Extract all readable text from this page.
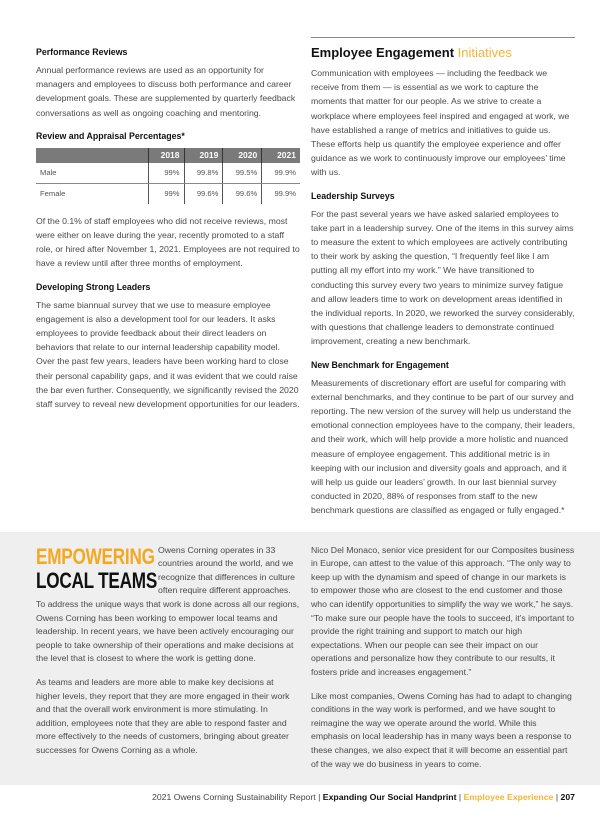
Performance Reviews

Annual performance reviews are used as an opportunity for managers and employees to discuss both performance and career development goals. These are supplemented by quarterly feedback conversations as well as ongoing coaching and mentoring.

Review and Appraisal Percentages*
	2018	2019	2020	2021
Male	99%	99.8%	99.5%	99.9%
Female	99%	99.6%	99.6%	99.9%

Of the 0.1% of staff employees who did not receive reviews, most were either on leave during the year, recently promoted to a staff role, or hired after November 1, 2021. Employees are not required to have a review until after three months of employment.

Developing Strong Leaders

The same biannual survey that we use to measure employee engagement is also a development tool for our leaders. It asks employees to provide feedback about their direct leaders on behaviors that relate to our internal leadership capability model. Over the past few years, leaders have been working hard to close their personal capability gaps, and it was evident that we could raise the bar even further. Consequently, we significantly revised the 2020 staff survey to reveal new development opportunities for our leaders.

Employee Engagement Initiatives

Communication with employees — including the feedback we receive from them — is essential as we work to capture the moments that matter for our people. As we strive to create a workplace where employees feel inspired and engaged at work, we have established a range of metrics and initiatives to guide us. These efforts help us quantify the employee experience and offer guidance as we work to continuously improve our employees’ time with us.

Leadership Surveys

For the past several years we have asked salaried employees to take part in a leadership survey. One of the items in this survey aims to measure the extent to which employees are actively contributing to their work by asking the question, “I frequently feel like I am putting all my effort into my work.” We have transitioned to conducting this survey every two years to minimize survey fatigue and allow leaders time to work on development areas identified in the individual reports. In 2020, we reworked the survey considerably, with questions that challenge leaders to demonstrate continued improvement, creating a new benchmark.

New Benchmark for Engagement

Measurements of discretionary effort are useful for comparing with external benchmarks, and they continue to be part of our survey and reporting. The new version of the survey will help us understand the emotional connection employees have to the company, their leaders, and their work, which will help provide a more holistic and nuanced measure of employee engagement. This additional metric is in keeping with our inclusion and diversity goals and approach, and it will help us guide our leaders’ growth. In our last biennial survey conducted in 2020, 88% of responses from staff to the new benchmark questions are classified as engaged or fully engaged.*

EMPOWERING
LOCAL TEAMS

Owens Corning operates in 33 countries around the world, and we recognize that differences in culture often require different approaches. To address the unique ways that work is done across all our regions, Owens Corning has been working to empower local teams and leadership. In recent years, we have been actively encouraging our people to take ownership of their operations and make decisions at the level that is closest to where the work is getting done.

As teams and leaders are more able to make key decisions at higher levels, they report that they are more engaged in their work and that the overall work environment is more stimulating. In addition, employees note that they are able to respond faster and more effectively to the needs of customers, bringing about greater successes for Owens Corning as a whole.

Nico Del Monaco, senior vice president for our Composites business in Europe, can attest to the value of this approach. “The only way to keep up with the dynamism and speed of change in our markets is to empower those who are closest to the end customer and those who can identify opportunities to simplify the way we work,” he says. “To make sure our people have the tools to succeed, it’s important to provide the right training and support to match our high expectations. When our people can see their impact on our operations and personalize how they contribute to our results, it fosters pride and increases engagement.”

Like most companies, Owens Corning has had to adapt to changing conditions in the way work is performed, and we have sought to reimagine the way we operate around the world. While this emphasis on local leadership has in many ways been a response to these changes, we also expect that it will become an essential part of the way we do business in years to come.

2021 Owens Corning Sustainability Report | Expanding Our Social Handprint | Employee Experience | 207
